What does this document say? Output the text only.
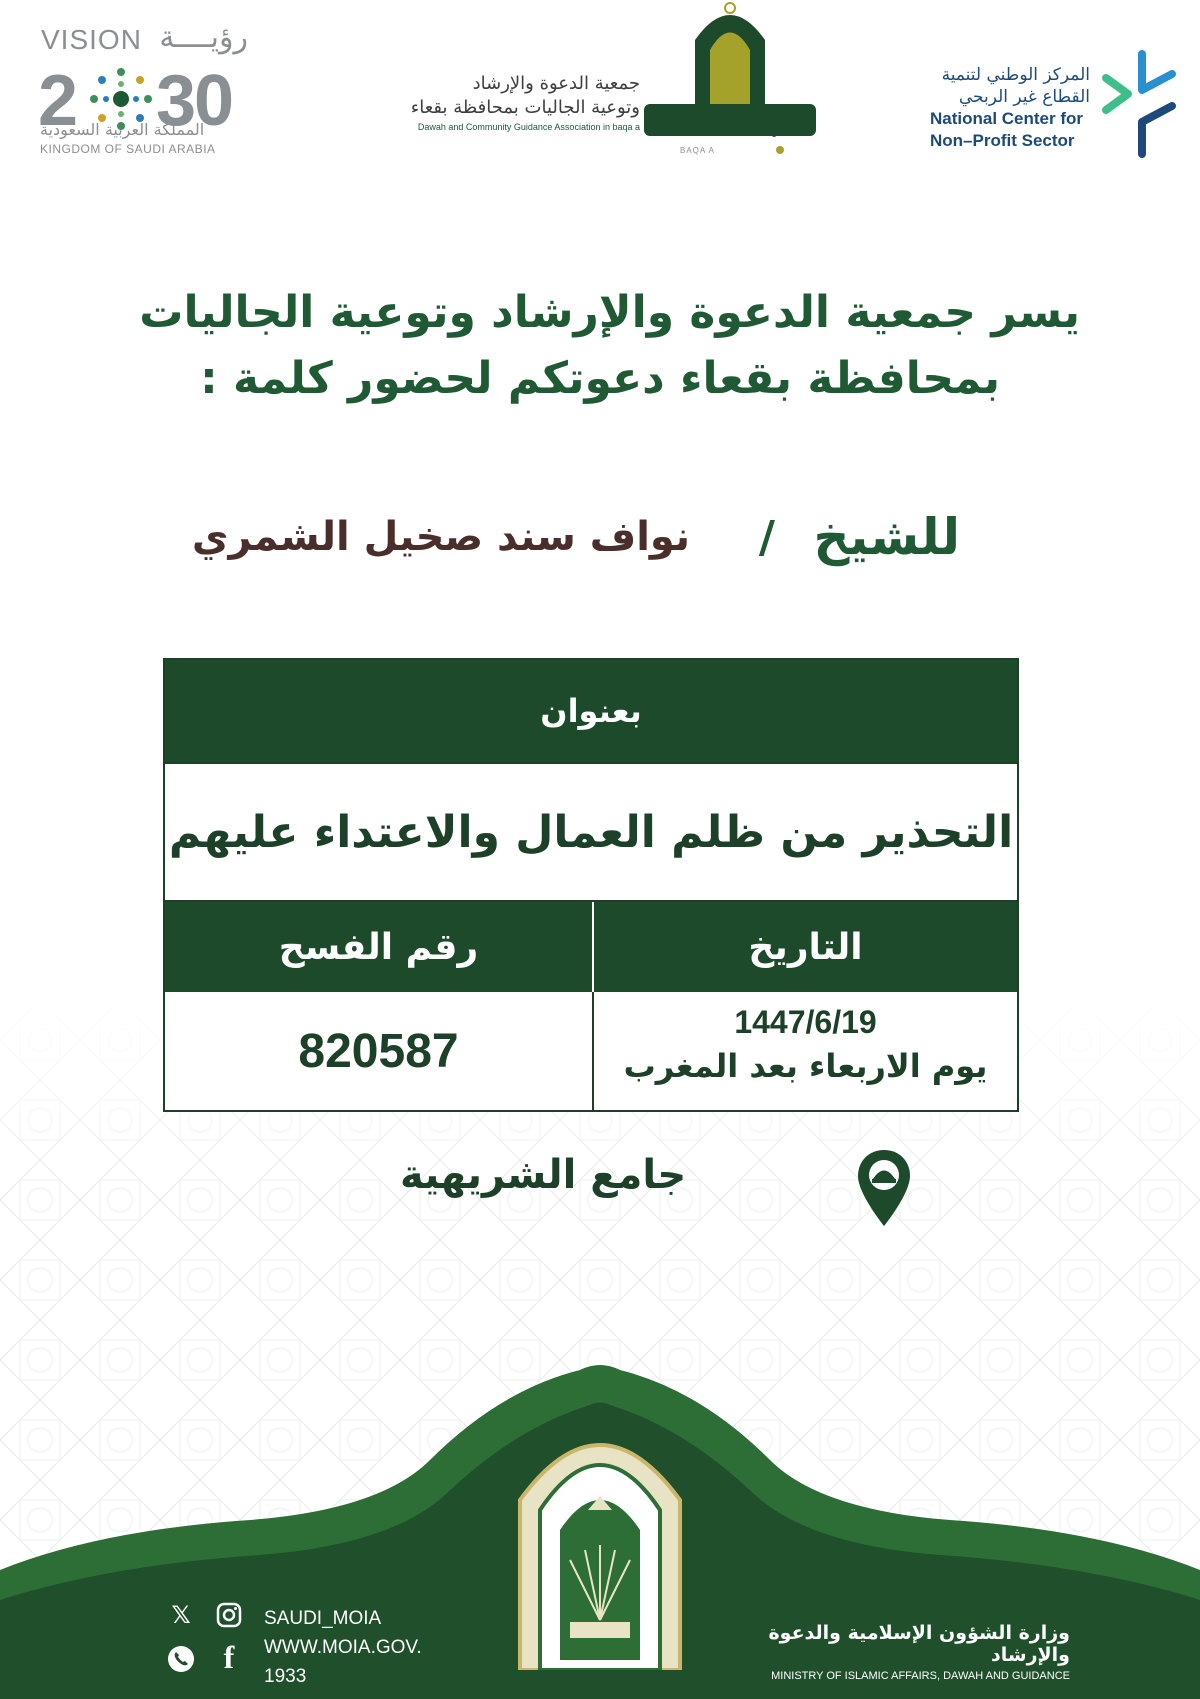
VISION رؤيــــة
2 30
المملكة العربية السعودية
KINGDOM OF SAUDI ARABIA
جمعية الدعوة والإرشاد
وتوعية الجاليات بمحافظة بقعاء
Dawah and Community Guidance Association in baqa a بقعاء
BAQA A
المركز الوطني لتنمية
القطاع غير الربحي
National Center for
Non–Profit Sector
يسر جمعية الدعوة والإرشاد وتوعية الجاليات
بمحافظة بقعاء دعوتكم لحضور كلمة :
للشيخ
/
نواف سند صخيل الشمري
بعنوان
التحذير من ظلم العمال والاعتداء عليهم
التاريخ
رقم الفسح
1447/6/19
يوم الاربعاء بعد المغرب
820587
جامع الشريهية
𝕏
f
SAUDI_MOIA
WWW.MOIA.GOV.
1933
وزارة الشؤون الإسلامية والدعوة والإرشاد
MINISTRY OF ISLAMIC AFFAIRS, DAWAH AND GUIDANCE
